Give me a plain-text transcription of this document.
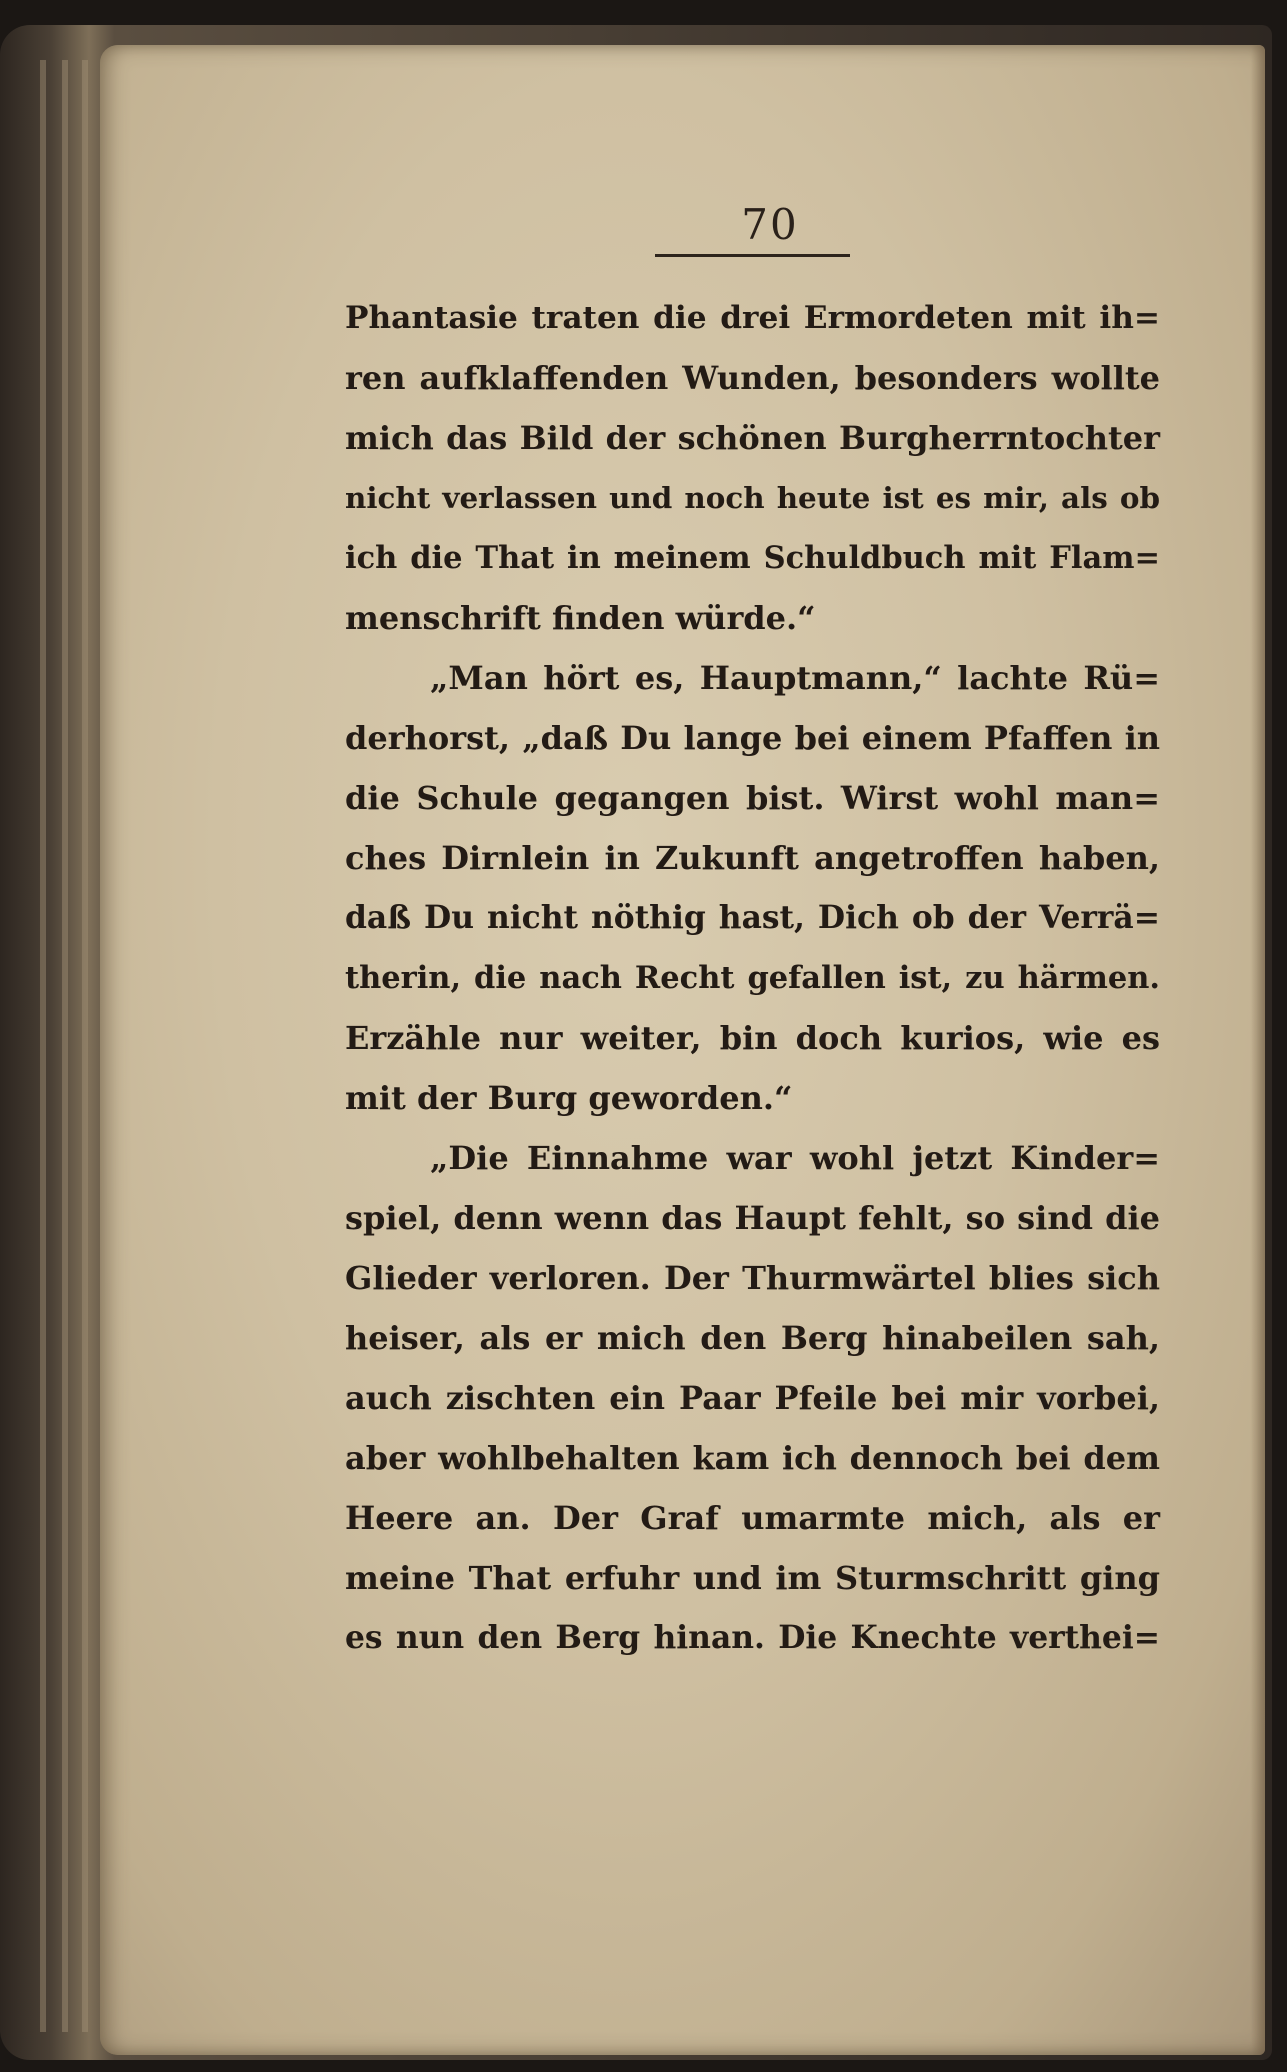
70
Phantasie traten die drei Ermordeten mit ih=
ren aufklaffenden Wunden, besonders wollte
mich das Bild der schönen Burgherrntochter
nicht verlassen und noch heute ist es mir, als ob
ich die That in meinem Schuldbuch mit Flam=
menschrift finden würde.“
„Man hört es, Hauptmann,“ lachte Rü=
derhorst, „daß Du lange bei einem Pfaffen in
die Schule gegangen bist. Wirst wohl man=
ches Dirnlein in Zukunft angetroffen haben,
daß Du nicht nöthig hast, Dich ob der Verrä=
therin, die nach Recht gefallen ist, zu härmen.
Erzähle nur weiter, bin doch kurios, wie es
mit der Burg geworden.“
„Die Einnahme war wohl jetzt Kinder=
spiel, denn wenn das Haupt fehlt, so sind die
Glieder verloren. Der Thurmwärtel blies sich
heiser, als er mich den Berg hinabeilen sah,
auch zischten ein Paar Pfeile bei mir vorbei,
aber wohlbehalten kam ich dennoch bei dem
Heere an. Der Graf umarmte mich, als er
meine That erfuhr und im Sturmschritt ging
es nun den Berg hinan. Die Knechte verthei=
